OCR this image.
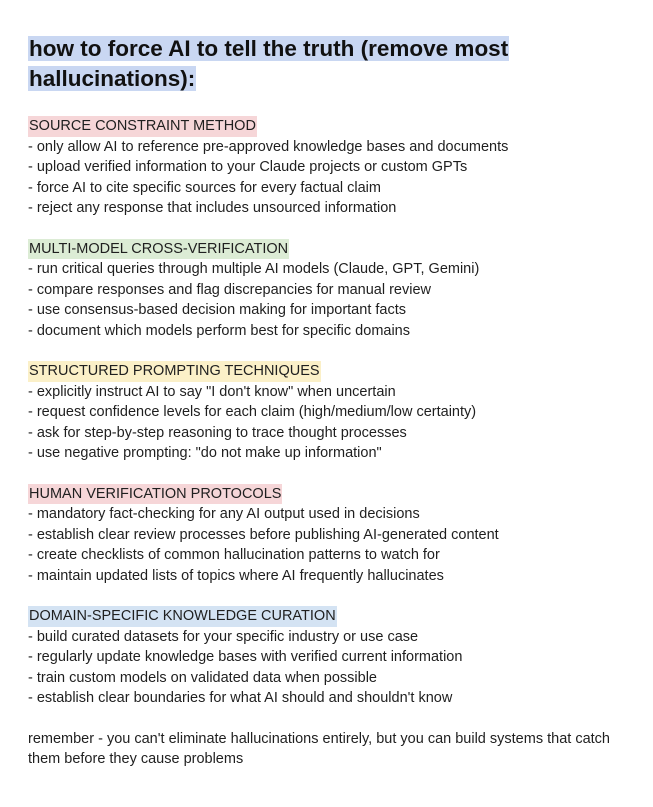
how to force AI to tell the truth (remove most hallucinations):
SOURCE CONSTRAINT METHOD
- only allow AI to reference pre-approved knowledge bases and documents
- upload verified information to your Claude projects or custom GPTs
- force AI to cite specific sources for every factual claim
- reject any response that includes unsourced information
MULTI-MODEL CROSS-VERIFICATION
- run critical queries through multiple AI models (Claude, GPT, Gemini)
- compare responses and flag discrepancies for manual review
- use consensus-based decision making for important facts
- document which models perform best for specific domains
STRUCTURED PROMPTING TECHNIQUES
- explicitly instruct AI to say "I don't know" when uncertain
- request confidence levels for each claim (high/medium/low certainty)
- ask for step-by-step reasoning to trace thought processes
- use negative prompting: "do not make up information"
HUMAN VERIFICATION PROTOCOLS
- mandatory fact-checking for any AI output used in decisions
- establish clear review processes before publishing AI-generated content
- create checklists of common hallucination patterns to watch for
- maintain updated lists of topics where AI frequently hallucinates
DOMAIN-SPECIFIC KNOWLEDGE CURATION
- build curated datasets for your specific industry or use case
- regularly update knowledge bases with verified current information
- train custom models on validated data when possible
- establish clear boundaries for what AI should and shouldn't know

remember - you can't eliminate hallucinations entirely, but you can build systems that catch them before they cause problems
